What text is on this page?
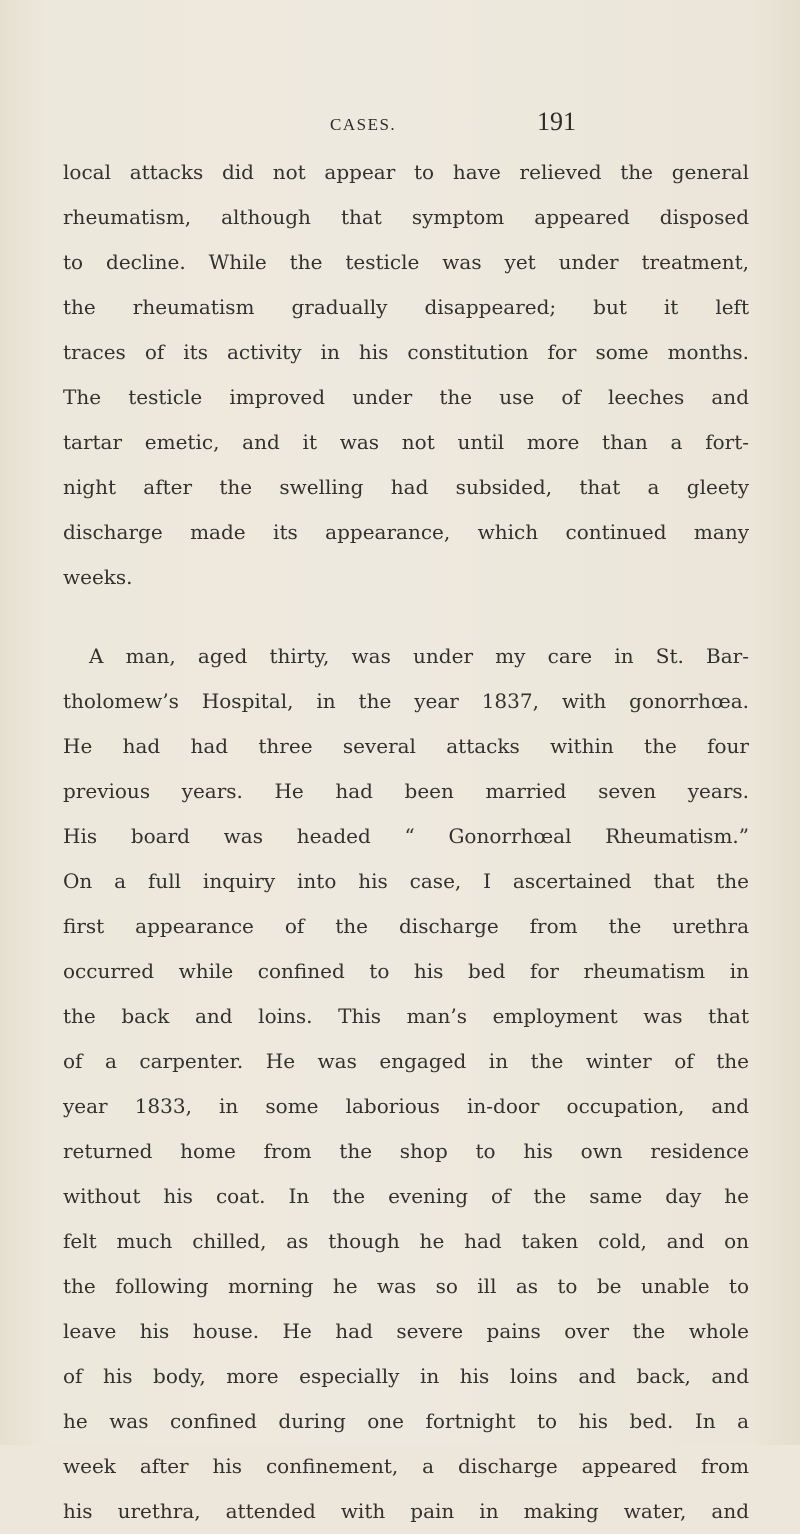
CASES.	191
local attacks did not appear to have relieved the general
rheumatism, although that symptom appeared disposed
to decline. While the testicle was yet under treatment,
the rheumatism gradually disappeared; but it left
traces of its activity in his constitution for some months.
The testicle improved under the use of leeches and
tartar emetic, and it was not until more than a fort-
night after the swelling had subsided, that a gleety
discharge made its appearance, which continued many
weeks.
A man, aged thirty, was under my care in St. Bar-
tholomew’s Hospital, in the year 1837, with gonorrhœa.
He had had three several attacks within the four
previous years. He had been married seven years.
His board was headed “ Gonorrhœal Rheumatism.”
On a full inquiry into his case, I ascertained that the
first appearance of the discharge from the urethra
occurred while confined to his bed for rheumatism in
the back and loins. This man’s employment was that
of a carpenter. He was engaged in the winter of the
year 1833, in some laborious in-door occupation, and
returned home from the shop to his own residence
without his coat. In the evening of the same day he
felt much chilled, as though he had taken cold, and on
the following morning he was so ill as to be unable to
leave his house. He had severe pains over the whole
of his body, more especially in his loins and back, and
he was confined during one fortnight to his bed. In a
week after his confinement, a discharge appeared from
his urethra, attended with pain in making water, and
